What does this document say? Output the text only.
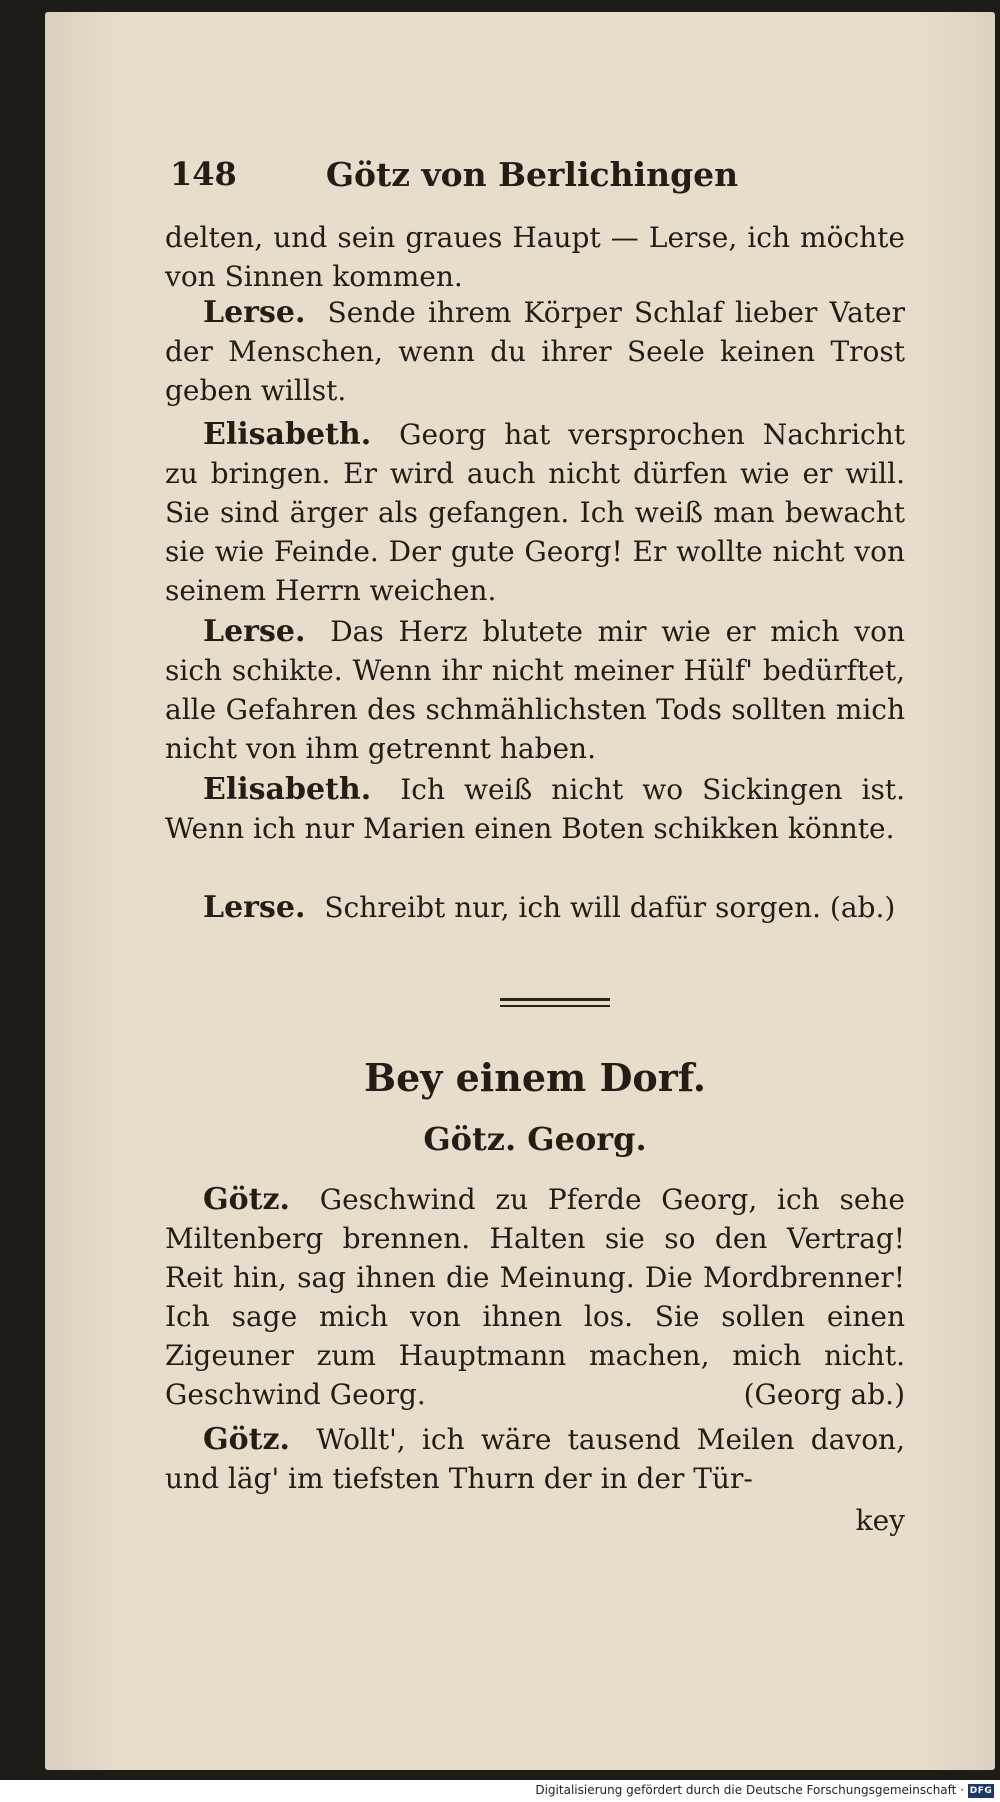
148	Götz von Berlichingen
delten, und sein graues Haupt — Lerse, ich möchte von Sinnen kommen.
Lerse. Sende ihrem Körper Schlaf lieber Vater der Menschen, wenn du ihrer Seele keinen Trost geben willst.
Elisabeth. Georg hat versprochen Nachricht zu bringen. Er wird auch nicht dürfen wie er will. Sie sind ärger als gefangen. Ich weiß man bewacht sie wie Feinde. Der gute Georg! Er wollte nicht von seinem Herrn weichen.
Lerse. Das Herz blutete mir wie er mich von sich schikte. Wenn ihr nicht meiner Hülf' bedürftet, alle Gefahren des schmählichsten Tods sollten mich nicht von ihm getrennt haben.
Elisabeth. Ich weiß nicht wo Sickingen ist. Wenn ich nur Marien einen Boten schikken könnte.
Lerse. Schreibt nur, ich will dafür sorgen. (ab.)
Bey einem Dorf.
Götz. Georg.
Götz. Geschwind zu Pferde Georg, ich sehe Miltenberg brennen. Halten sie so den Vertrag! Reit hin, sag ihnen die Meinung. Die Mordbrenner! Ich sage mich von ihnen los. Sie sollen einen Zigeuner zum Hauptmann machen, mich nicht. Geschwind Georg.	(Georg ab.)
Götz. Wollt', ich wäre tausend Meilen davon, und läg' im tiefsten Thurn der in der Tür-
key
Digitalisierung gefördert durch die Deutsche Forschungsgemeinschaft · DFG
